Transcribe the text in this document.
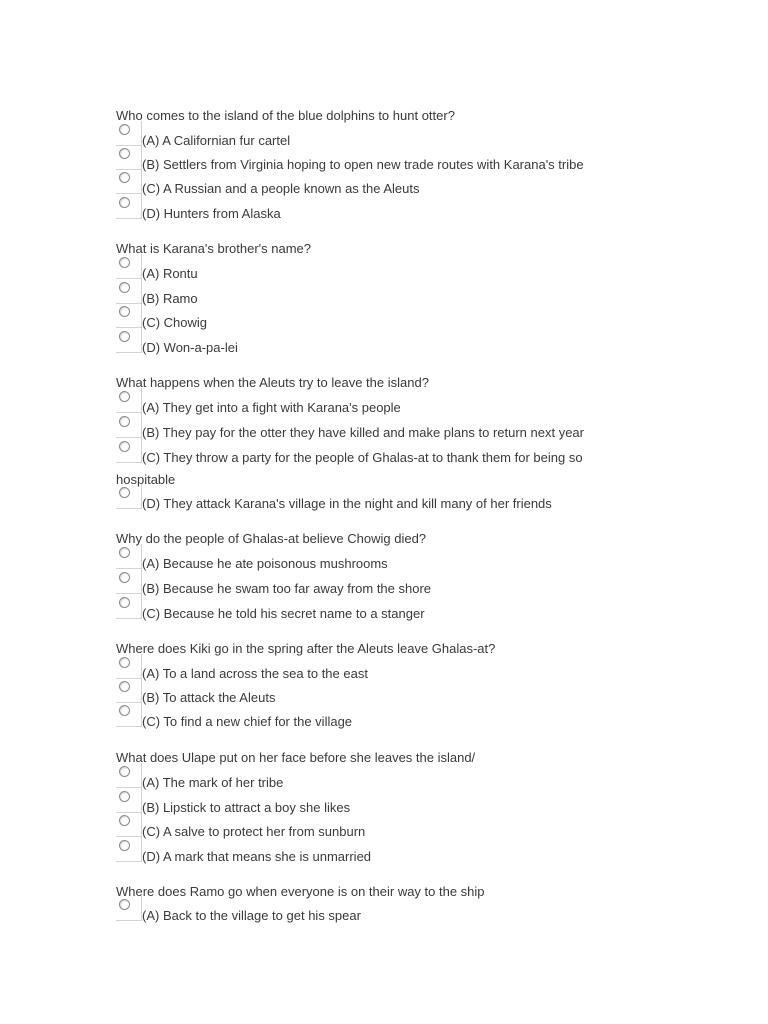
Who comes to the island of the blue dolphins to hunt otter?
(A) A Californian fur cartel
(B) Settlers from Virginia hoping to open new trade routes with Karana's tribe
(C) A Russian and a people known as the Aleuts
(D) Hunters from Alaska
What is Karana's brother's name?
(A) Rontu
(B) Ramo
(C) Chowig
(D) Won-a-pa-lei
What happens when the Aleuts try to leave the island?
(A) They get into a fight with Karana's people
(B) They pay for the otter they have killed and make plans to return next year
(C) They throw a party for the people of Ghalas-at to thank them for being so
hospitable
(D) They attack Karana's village in the night and kill many of her friends
Why do the people of Ghalas-at believe Chowig died?
(A) Because he ate poisonous mushrooms
(B) Because he swam too far away from the shore
(C) Because he told his secret name to a stanger
Where does Kiki go in the spring after the Aleuts leave Ghalas-at?
(A) To a land across the sea to the east
(B) To attack the Aleuts
(C) To find a new chief for the village
What does Ulape put on her face before she leaves the island/
(A) The mark of her tribe
(B) Lipstick to attract a boy she likes
(C) A salve to protect her from sunburn
(D) A mark that means she is unmarried
Where does Ramo go when everyone is on their way to the ship
(A) Back to the village to get his spear
